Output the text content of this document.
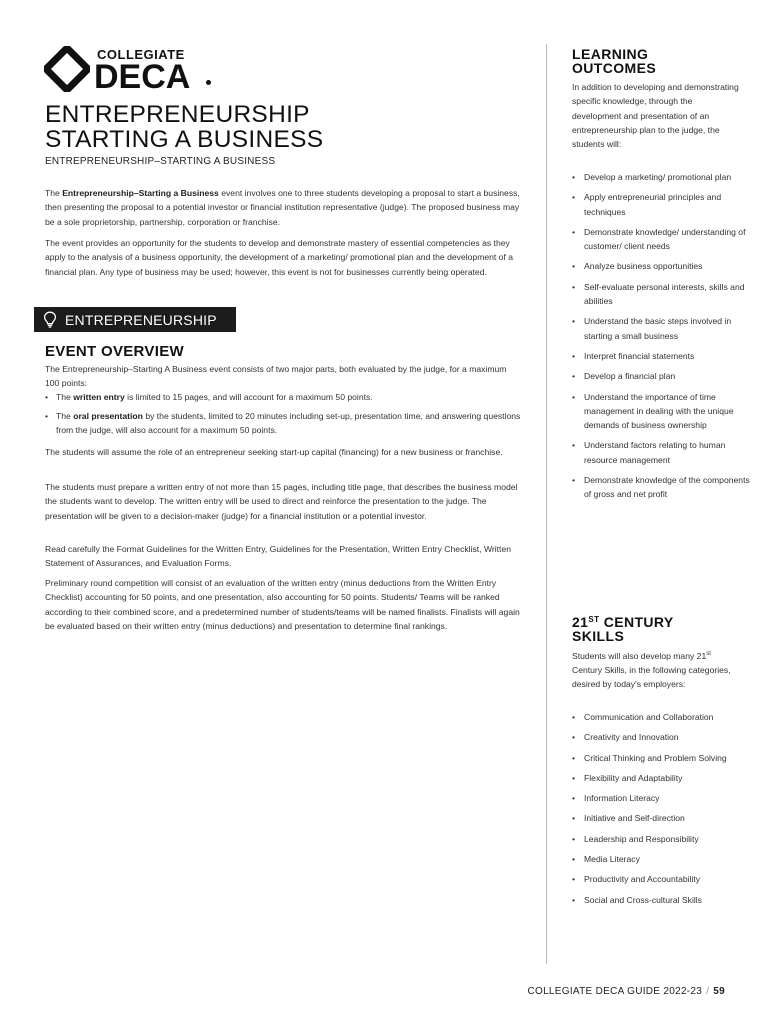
COLLEGIATE
DECA
ENTREPRENEURSHIP
STARTING A BUSINESS
ENTREPRENEURSHIP–STARTING A BUSINESS
The Entrepreneurship–Starting a Business event involves one to three students developing a proposal to start a business, then presenting the proposal to a potential investor or financial institution representative (judge). The proposed business may be a sole proprietorship, partnership, corporation or franchise.
The event provides an opportunity for the students to develop and demonstrate mastery of essential competencies as they apply to the analysis of a business opportunity, the development of a marketing/ promotional plan and the development of a financial plan. Any type of business may be used; however, this event is not for businesses currently being operated.
ENTREPRENEURSHIP
EVENT OVERVIEW
The Entrepreneurship–Starting A Business event consists of two major parts, both evaluated by the judge, for a maximum 100 points:
• The written entry is limited to 15 pages, and will account for a maximum 50 points.
• The oral presentation by the students, limited to 20 minutes including set-up, presentation time, and answering questions from the judge, will also account for a maximum 50 points.
The students will assume the role of an entrepreneur seeking start-up capital (financing) for a new business or franchise.
The students must prepare a written entry of not more than 15 pages, including title page, that describes the business model the students want to develop. The written entry will be used to direct and reinforce the presentation to the judge. The presentation will be given to a decision-maker (judge) for a financial institution or a potential investor.
Read carefully the Format Guidelines for the Written Entry, Guidelines for the Presentation, Written Entry Checklist, Written Statement of Assurances, and Evaluation Forms.
Preliminary round competition will consist of an evaluation of the written entry (minus deductions from the Written Entry Checklist) accounting for 50 points, and one presentation, also accounting for 50 points. Students/ Teams will be ranked according to their combined score, and a predetermined number of students/teams will be named finalists. Finalists will again be evaluated based on their written entry (minus deductions) and presentation to determine final rankings.
LEARNING
OUTCOMES
In addition to developing and demonstrating specific knowledge, through the development and presentation of an entrepreneurship plan to the judge, the students will:
• Develop a marketing/ promotional plan
• Apply entrepreneurial principles and techniques
• Demonstrate knowledge/ understanding of customer/ client needs
• Analyze business opportunities
• Self-evaluate personal interests, skills and abilities
• Understand the basic steps involved in starting a small business
• Interpret financial statements
• Develop a financial plan
• Understand the importance of time management in dealing with the unique demands of business ownership
• Understand factors relating to human resource management
• Demonstrate knowledge of the components of gross and net profit
21ST CENTURY
SKILLS
Students will also develop many 21st Century Skills, in the following categories, desired by today's employers:
• Communication and Collaboration
• Creativity and Innovation
• Critical Thinking and Problem Solving
• Flexibility and Adaptability
• Information Literacy
• Initiative and Self-direction
• Leadership and Responsibility
• Media Literacy
• Productivity and Accountability
• Social and Cross-cultural Skills
COLLEGIATE DECA GUIDE 2022-23 / 59
